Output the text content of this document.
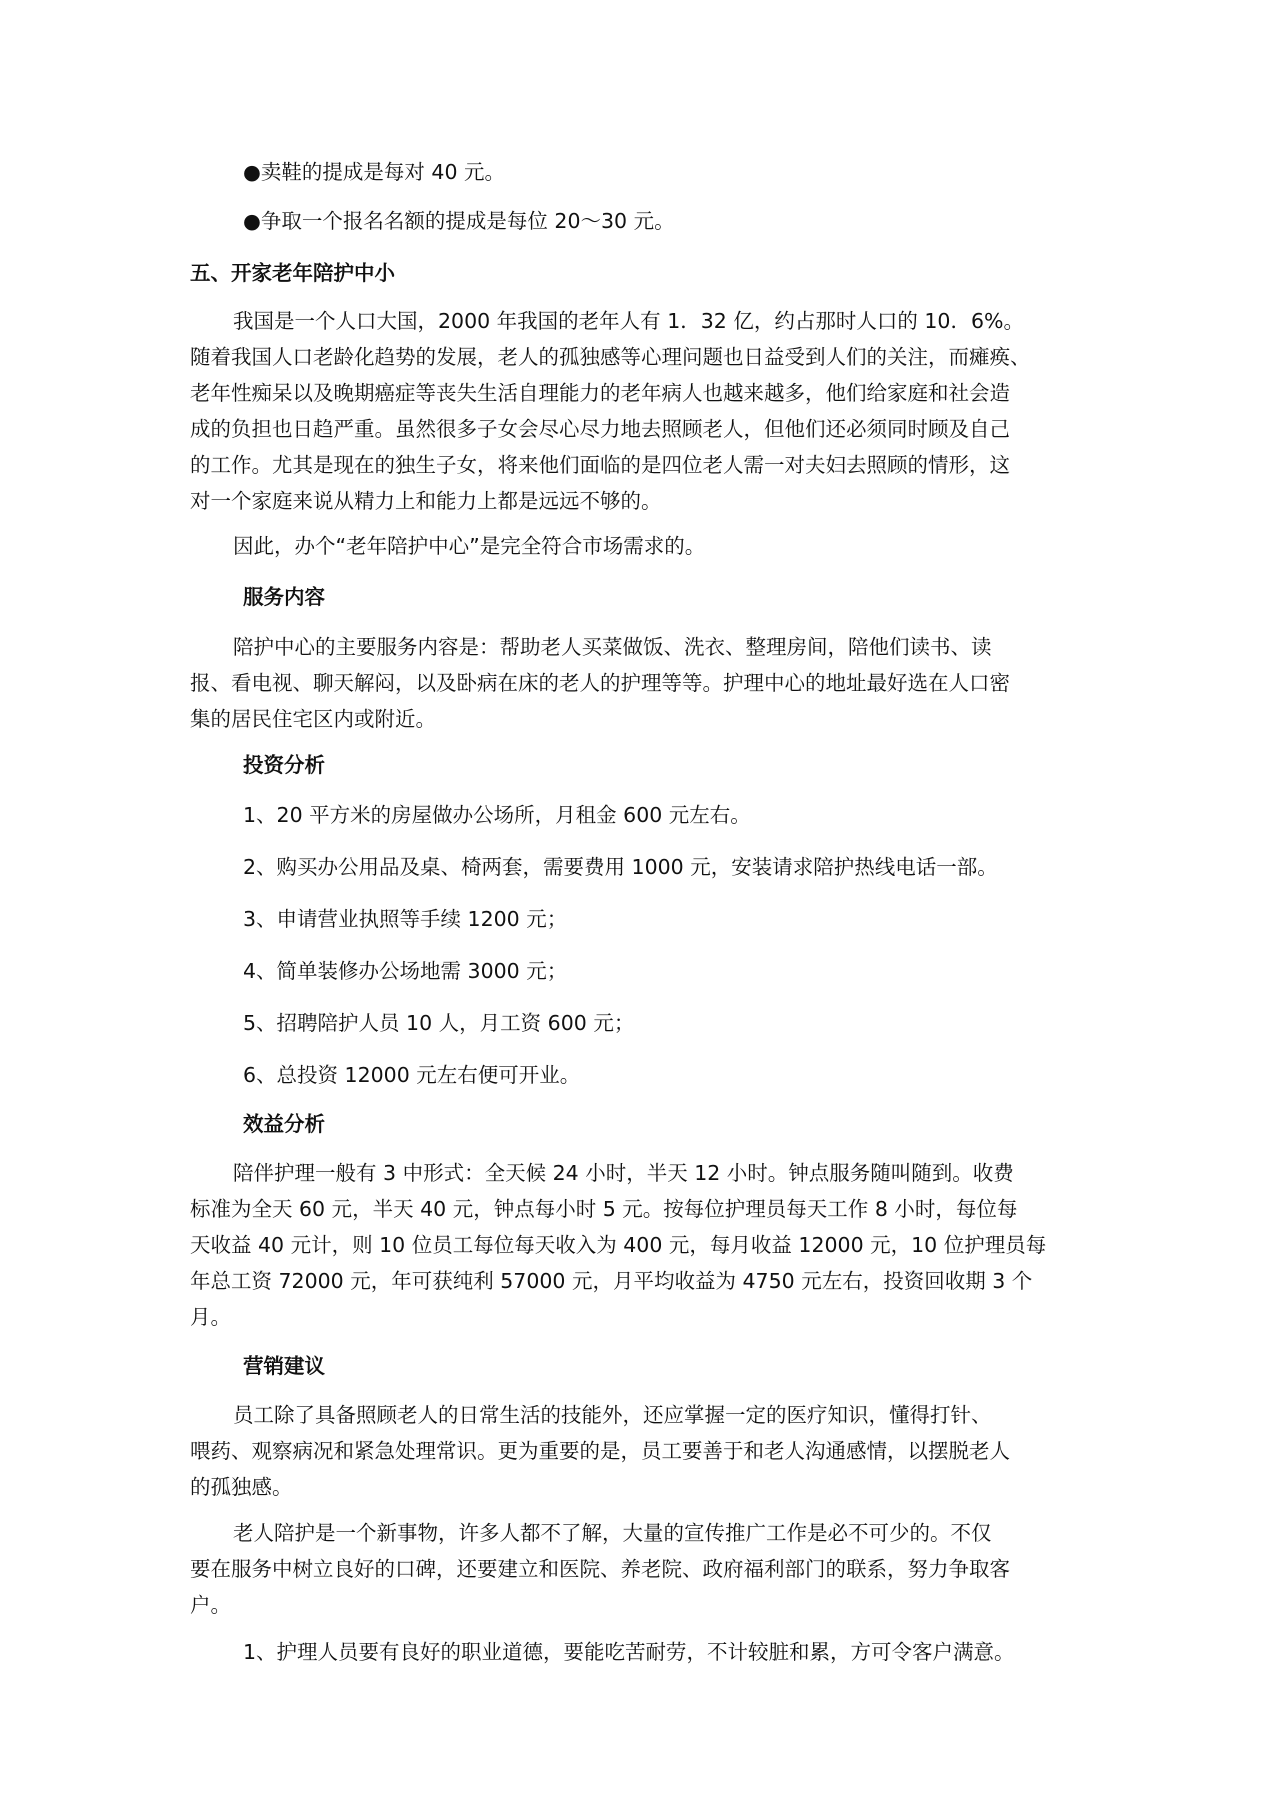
●卖鞋的提成是每对 40 元。

●争取一个报名名额的提成是每位 20～30 元。

五、开家老年陪护中小

我国是一个人口大国，2000 年我国的老年人有 1．32 亿，约占那时人口的 10．6%。

随着我国人口老龄化趋势的发展，老人的孤独感等心理问题也日益受到人们的关注，而瘫痪、

老年性痴呆以及晚期癌症等丧失生活自理能力的老年病人也越来越多，他们给家庭和社会造

成的负担也日趋严重。虽然很多子女会尽心尽力地去照顾老人，但他们还必须同时顾及自己

的工作。尤其是现在的独生子女，将来他们面临的是四位老人需一对夫妇去照顾的情形，这

对一个家庭来说从精力上和能力上都是远远不够的。

因此，办个“老年陪护中心”是完全符合市场需求的。

服务内容

陪护中心的主要服务内容是：帮助老人买菜做饭、洗衣、整理房间，陪他们读书、读

报、看电视、聊天解闷，以及卧病在床的老人的护理等等。护理中心的地址最好选在人口密

集的居民住宅区内或附近。

投资分析

1、20 平方米的房屋做办公场所，月租金 600 元左右。

2、购买办公用品及桌、椅两套，需要费用 1000 元，安装请求陪护热线电话一部。

3、申请营业执照等手续 1200 元；

4、简单装修办公场地需 3000 元；

5、招聘陪护人员 10 人，月工资 600 元；

6、总投资 12000 元左右便可开业。

效益分析

陪伴护理一般有 3 中形式：全天候 24 小时，半天 12 小时。钟点服务随叫随到。收费

标准为全天 60 元，半天 40 元，钟点每小时 5 元。按每位护理员每天工作 8 小时，每位每

天收益 40 元计，则 10 位员工每位每天收入为 400 元，每月收益 12000 元，10 位护理员每

年总工资 72000 元，年可获纯利 57000 元，月平均收益为 4750 元左右，投资回收期 3 个

月。

营销建议

员工除了具备照顾老人的日常生活的技能外，还应掌握一定的医疗知识，懂得打针、

喂药、观察病况和紧急处理常识。更为重要的是，员工要善于和老人沟通感情，以摆脱老人

的孤独感。

老人陪护是一个新事物，许多人都不了解，大量的宣传推广工作是必不可少的。不仅

要在服务中树立良好的口碑，还要建立和医院、养老院、政府福利部门的联系，努力争取客

户。

1、护理人员要有良好的职业道德，要能吃苦耐劳，不计较脏和累，方可令客户满意。
